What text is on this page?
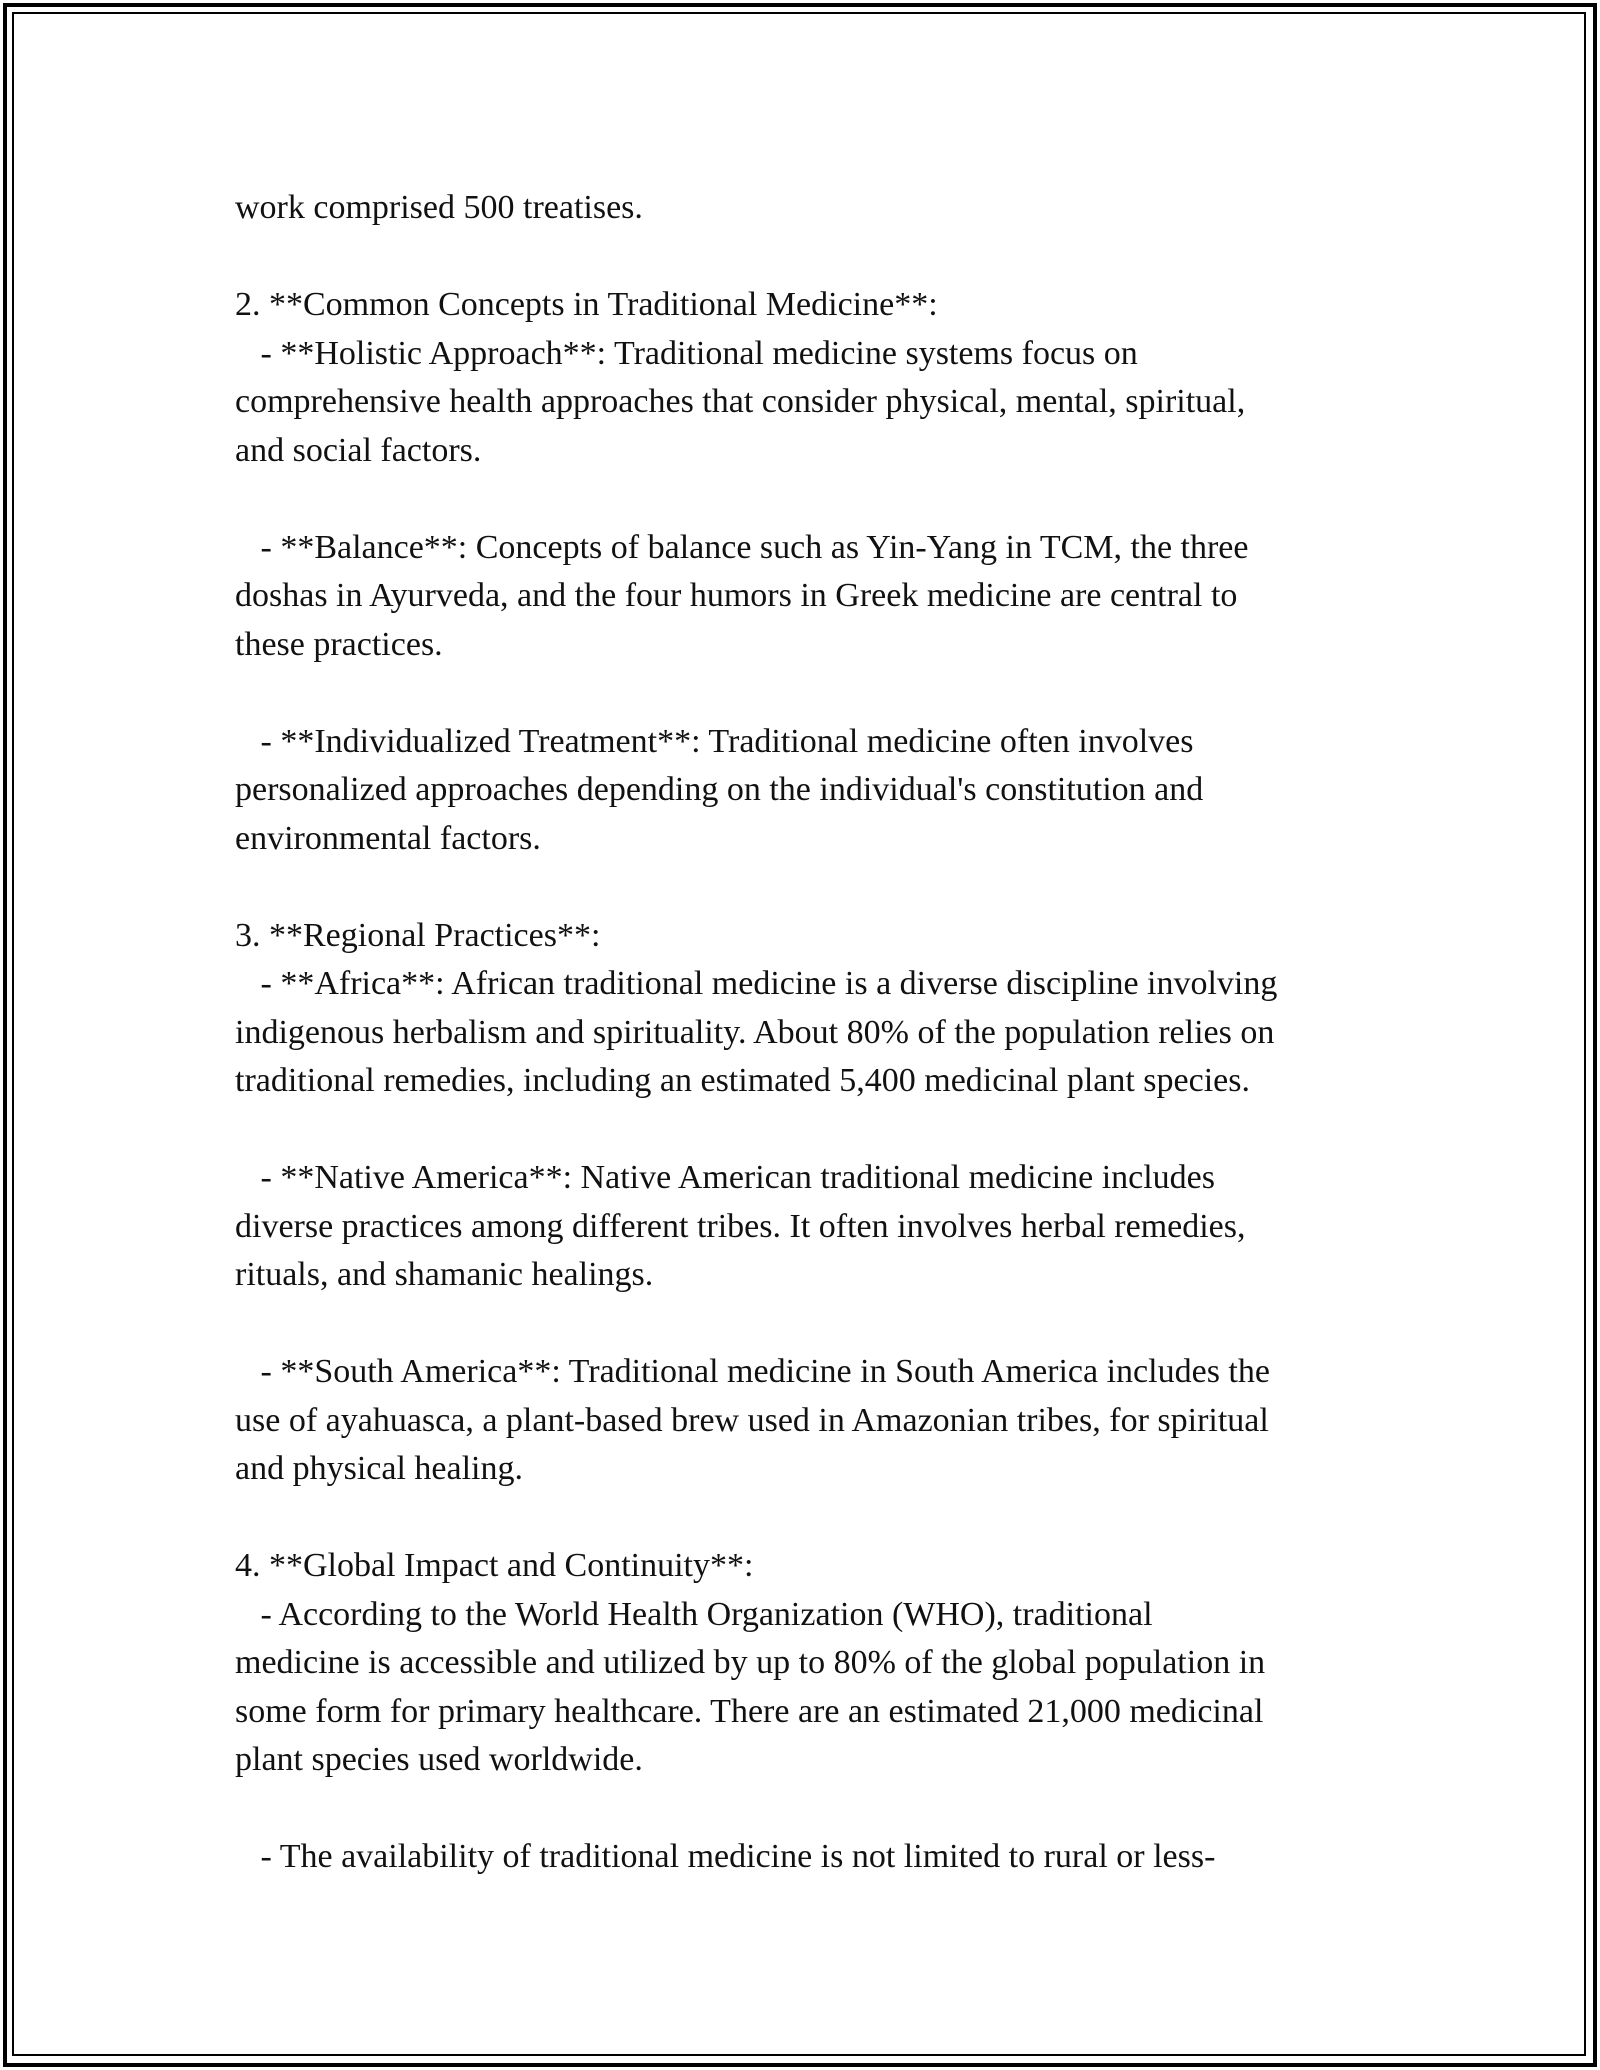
work comprised 500 treatises.
2. **Common Concepts in Traditional Medicine**:
- **Holistic Approach**: Traditional medicine systems focus on
comprehensive health approaches that consider physical, mental, spiritual,
and social factors.
- **Balance**: Concepts of balance such as Yin-Yang in TCM, the three
doshas in Ayurveda, and the four humors in Greek medicine are central to
these practices.
- **Individualized Treatment**: Traditional medicine often involves
personalized approaches depending on the individual's constitution and
environmental factors.
3. **Regional Practices**:
- **Africa**: African traditional medicine is a diverse discipline involving
indigenous herbalism and spirituality. About 80% of the population relies on
traditional remedies, including an estimated 5,400 medicinal plant species.
- **Native America**: Native American traditional medicine includes
diverse practices among different tribes. It often involves herbal remedies,
rituals, and shamanic healings.
- **South America**: Traditional medicine in South America includes the
use of ayahuasca, a plant-based brew used in Amazonian tribes, for spiritual
and physical healing.
4. **Global Impact and Continuity**:
- According to the World Health Organization (WHO), traditional
medicine is accessible and utilized by up to 80% of the global population in
some form for primary healthcare. There are an estimated 21,000 medicinal
plant species used worldwide.
- The availability of traditional medicine is not limited to rural or less-
